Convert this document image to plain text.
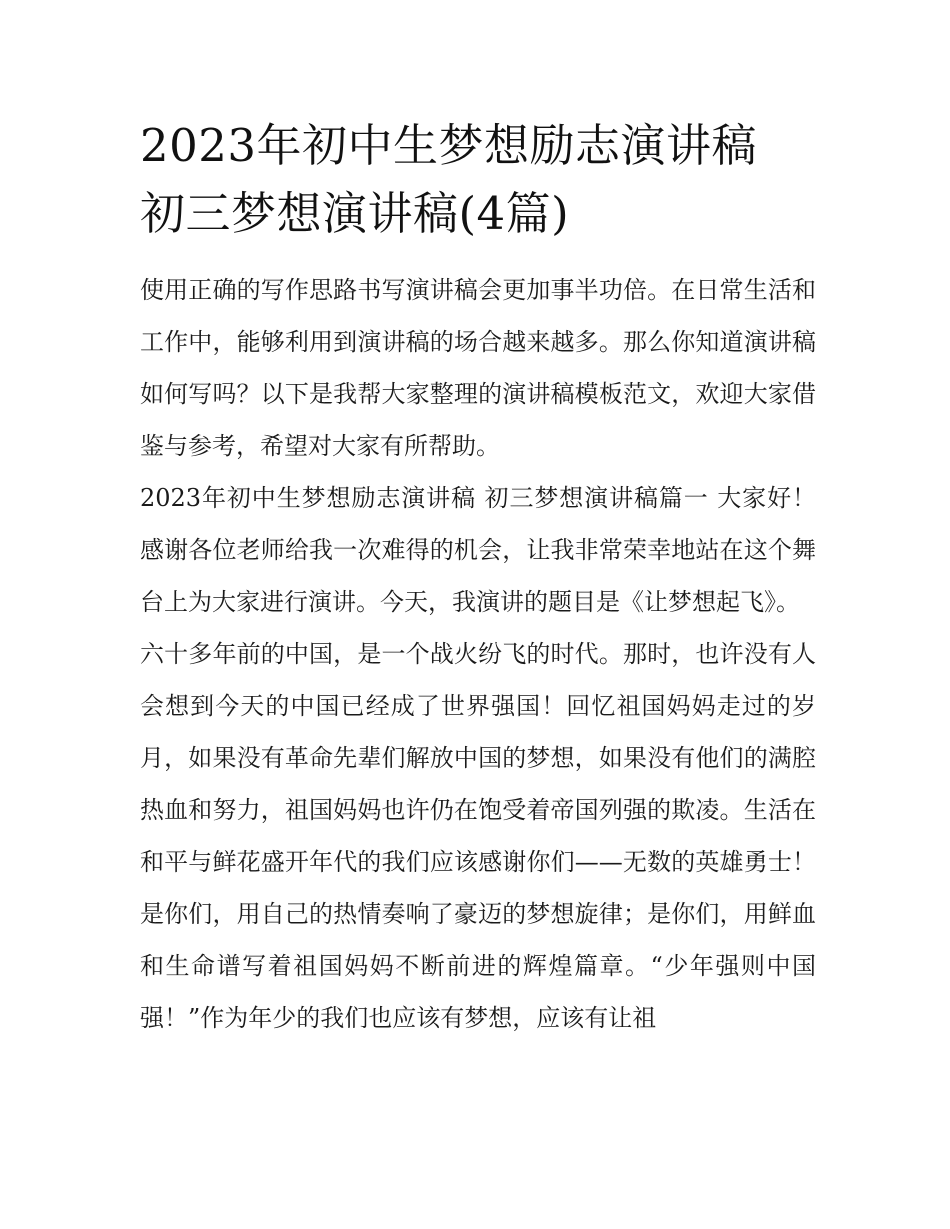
2023年初中生梦想励志演讲稿
初三梦想演讲稿(4篇)

使用正确的写作思路书写演讲稿会更加事半功倍。在日常生活和工作中，能够利用到演讲稿的场合越来越多。那么你知道演讲稿如何写吗？以下是我帮大家整理的演讲稿模板范文，欢迎大家借鉴与参考，希望对大家有所帮助。

2023年初中生梦想励志演讲稿 初三梦想演讲稿篇一 大家好！感谢各位老师给我一次难得的机会，让我非常荣幸地站在这个舞台上为大家进行演讲。今天，我演讲的题目是《让梦想起飞》。

六十多年前的中国，是一个战火纷飞的时代。那时，也许没有人会想到今天的中国已经成了世界强国！回忆祖国妈妈走过的岁月，如果没有革命先辈们解放中国的梦想，如果没有他们的满腔热血和努力，祖国妈妈也许仍在饱受着帝国列强的欺凌。生活在和平与鲜花盛开年代的我们应该感谢你们——无数的英雄勇士！是你们，用自己的热情奏响了豪迈的梦想旋律；是你们，用鲜血和生命谱写着祖国妈妈不断前进的辉煌篇章。“少年强则中国强！”作为年少的我们也应该有梦想，应该有让祖
